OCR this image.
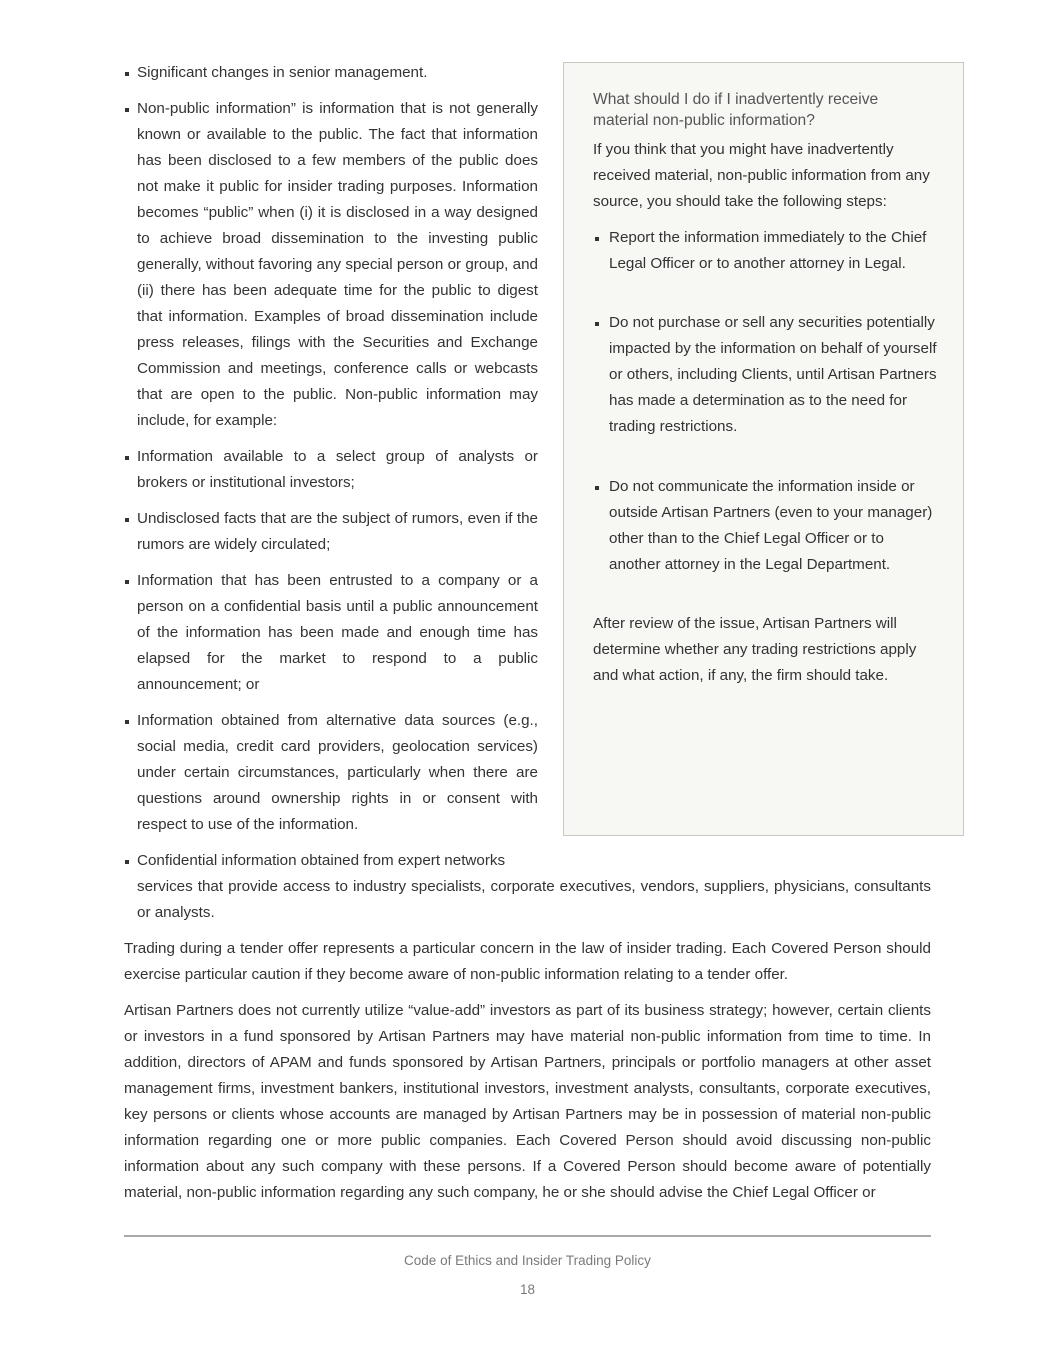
Significant changes in senior management.
Non-public information” is information that is not generally known or available to the public. The fact that information has been disclosed to a few members of the public does not make it public for insider trading purposes. Information becomes “public” when (i) it is disclosed in a way designed to achieve broad dissemination to the investing public generally, without favoring any special person or group, and (ii) there has been adequate time for the public to digest that information. Examples of broad dissemination include press releases, filings with the Securities and Exchange Commission and meetings, conference calls or webcasts that are open to the public. Non-public information may include, for example:
Information available to a select group of analysts or brokers or institutional investors;
Undisclosed facts that are the subject of rumors, even if the rumors are widely circulated;
Information that has been entrusted to a company or a person on a confidential basis until a public announcement of the information has been made and enough time has elapsed for the market to respond to a public announcement; or
Information obtained from alternative data sources (e.g., social media, credit card providers, geolocation services) under certain circumstances, particularly when there are questions around ownership rights in or consent with respect to use of the information.
Confidential information obtained from expert networks
services that provide access to industry specialists, corporate executives, vendors, suppliers, physicians, consultants or analysts.
What should I do if I inadvertently receive material non-public information?
If you think that you might have inadvertently received material, non-public information from any source, you should take the following steps:
Report the information immediately to the Chief Legal Officer or to another attorney in Legal.
Do not purchase or sell any securities potentially impacted by the information on behalf of yourself or others, including Clients, until Artisan Partners has made a determination as to the need for trading restrictions.
Do not communicate the information inside or outside Artisan Partners (even to your manager) other than to the Chief Legal Officer or to another attorney in the Legal Department.
After review of the issue, Artisan Partners will determine whether any trading restrictions apply and what action, if any, the firm should take.
Trading during a tender offer represents a particular concern in the law of insider trading. Each Covered Person should exercise particular caution if they become aware of non-public information relating to a tender offer.
Artisan Partners does not currently utilize “value-add” investors as part of its business strategy; however, certain clients or investors in a fund sponsored by Artisan Partners may have material non-public information from time to time. In addition, directors of APAM and funds sponsored by Artisan Partners, principals or portfolio managers at other asset management firms, investment bankers, institutional investors, investment analysts, consultants, corporate executives, key persons or clients whose accounts are managed by Artisan Partners may be in possession of material non-public information regarding one or more public companies. Each Covered Person should avoid discussing non-public information about any such company with these persons. If a Covered Person should become aware of potentially material, non-public information regarding any such company, he or she should advise the Chief Legal Officer or
Code of Ethics and Insider Trading Policy
18
